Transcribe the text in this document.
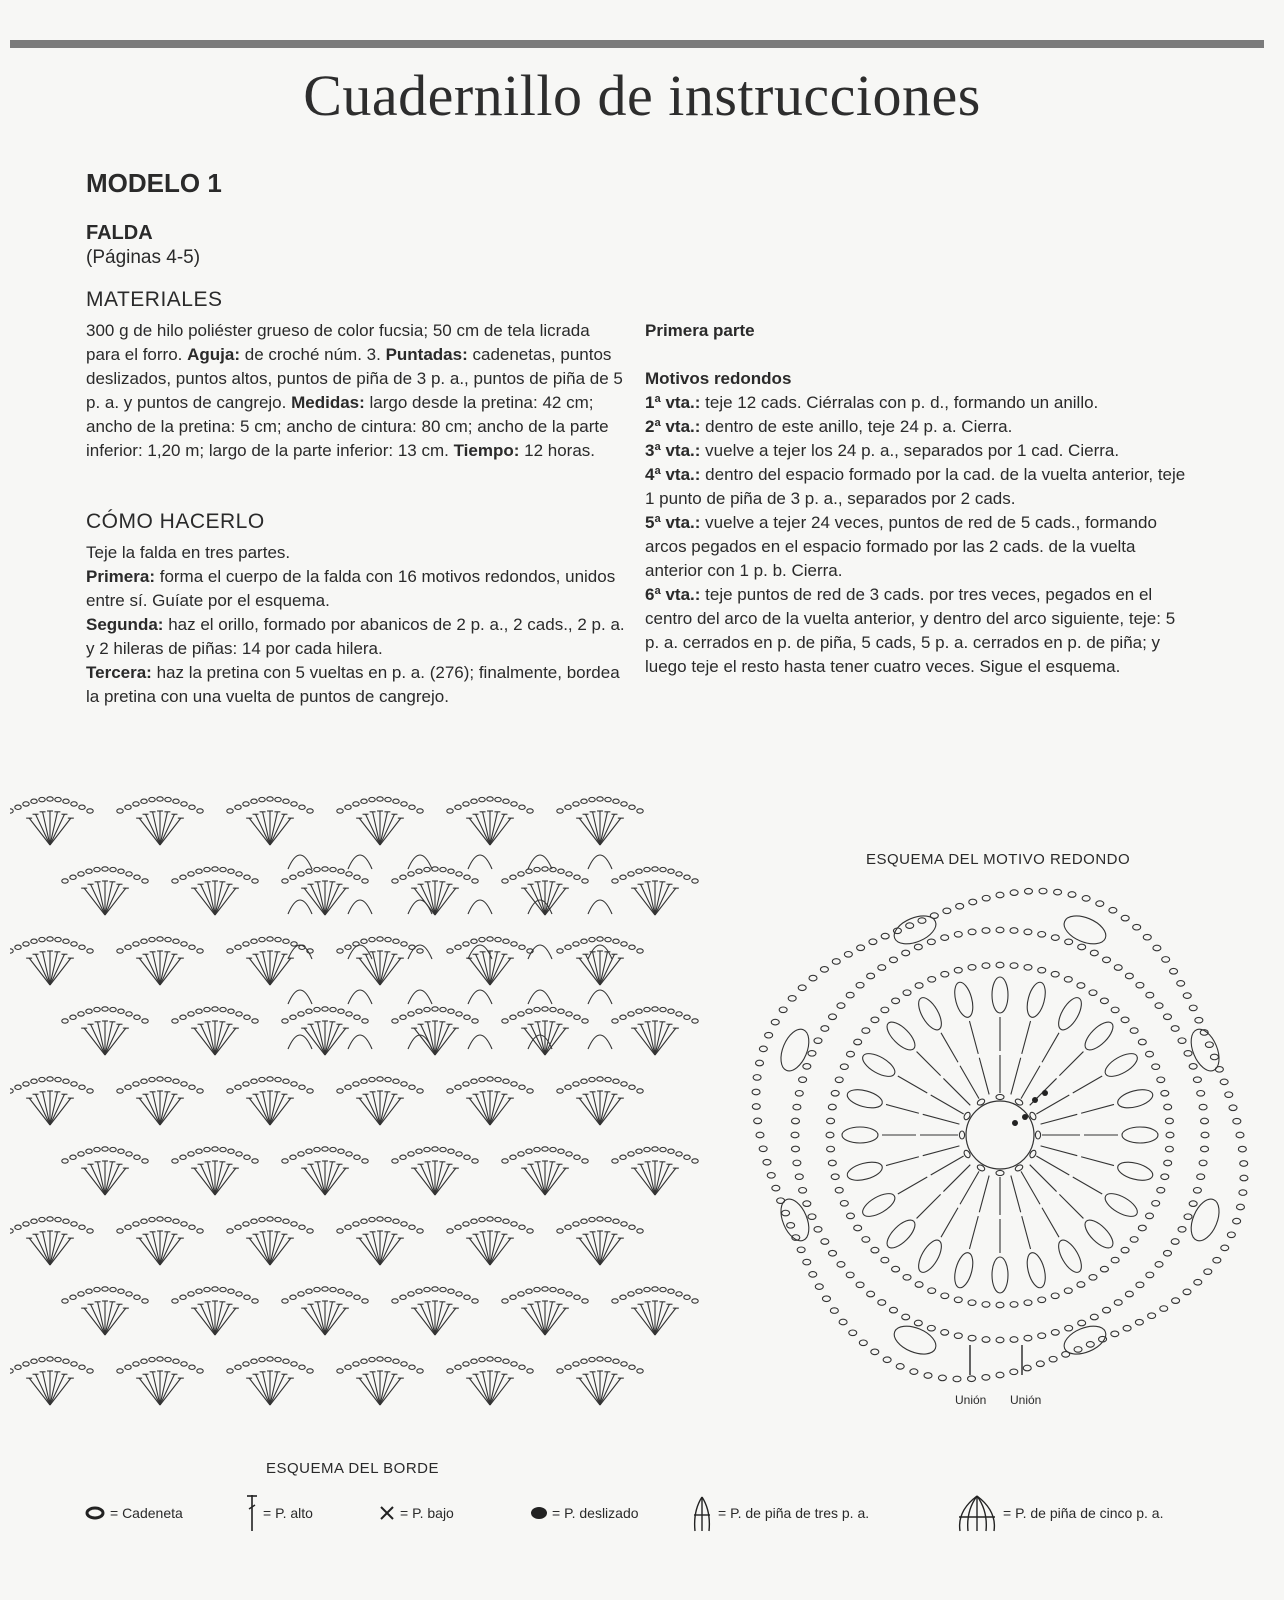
Cuadernillo de instrucciones
MODELO 1
FALDA
(Páginas 4-5)
MATERIALES

300 g de hilo poliéster grueso de color fucsia; 50 cm de tela licrada para el forro. Aguja: de croché núm. 3. Puntadas: cadenetas, puntos deslizados, puntos altos, puntos de piña de 3 p. a., puntos de piña de 5 p. a. y puntos de cangrejo. Medidas: largo desde la pretina: 42 cm; ancho de la pretina: 5 cm; ancho de cintura: 80 cm; ancho de la parte inferior: 1,20 m; largo de la parte inferior: 13 cm. Tiempo: 12 horas.

CÓMO HACERLO

Teje la falda en tres partes.

Primera: forma el cuerpo de la falda con 16 motivos redondos, unidos entre sí. Guíate por el esquema.

Segunda: haz el orillo, formado por abanicos de 2 p. a., 2 cads., 2 p. a. y 2 hileras de piñas: 14 por cada hilera.

Tercera: haz la pretina con 5 vueltas en p. a. (276); finalmente, bordea la pretina con una vuelta de puntos de cangrejo.

Primera parte

Motivos redondos

1ª vta.: teje 12 cads. Ciérralas con p. d., formando un anillo.

2ª vta.: dentro de este anillo, teje 24 p. a. Cierra.

3ª vta.: vuelve a tejer los 24 p. a., separados por 1 cad. Cierra.

4ª vta.: dentro del espacio formado por la cad. de la vuelta anterior, teje 1 punto de piña de 3 p. a., separados por 2 cads.

5ª vta.: vuelve a tejer 24 veces, puntos de red de 5 cads., formando arcos pegados en el espacio formado por las 2 cads. de la vuelta anterior con 1 p. b. Cierra.

6ª vta.: teje puntos de red de 3 cads. por tres veces, pegados en el centro del arco de la vuelta anterior, y dentro del arco siguiente, teje: 5 p. a. cerrados en p. de piña, 5 cads, 5 p. a. cerrados en p. de piña; y luego teje el resto hasta tener cuatro veces. Sigue el esquema.

ESQUEMA DEL BORDE
ESQUEMA DEL MOTIVO REDONDO
Unión Unión
= Cadeneta	= P. alto	= P. bajo	= P. deslizado	= P. de piña de tres p. a.	= P. de piña de cinco p. a.
